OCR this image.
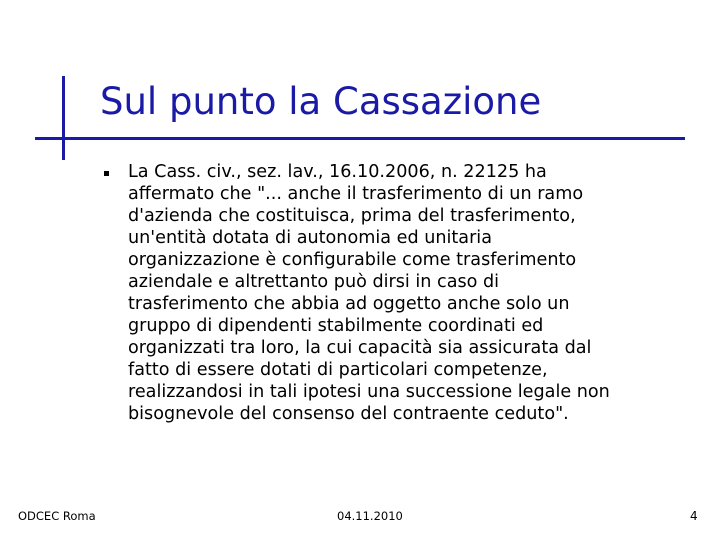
Sul punto la Cassazione
La Cass. civ., sez. lav., 16.10.2006, n. 22125 ha
affermato che "... anche il trasferimento di un ramo
d'azienda che costituisca, prima del trasferimento,
un'entità dotata di autonomia ed unitaria
organizzazione è configurabile come trasferimento
aziendale e altrettanto può dirsi in caso di
trasferimento che abbia ad oggetto anche solo un
gruppo di dipendenti stabilmente coordinati ed
organizzati tra loro, la cui capacità sia assicurata dal
fatto di essere dotati di particolari competenze,
realizzandosi in tali ipotesi una successione legale non
bisognevole del consenso del contraente ceduto".
ODCEC Roma	04.11.2010	4
